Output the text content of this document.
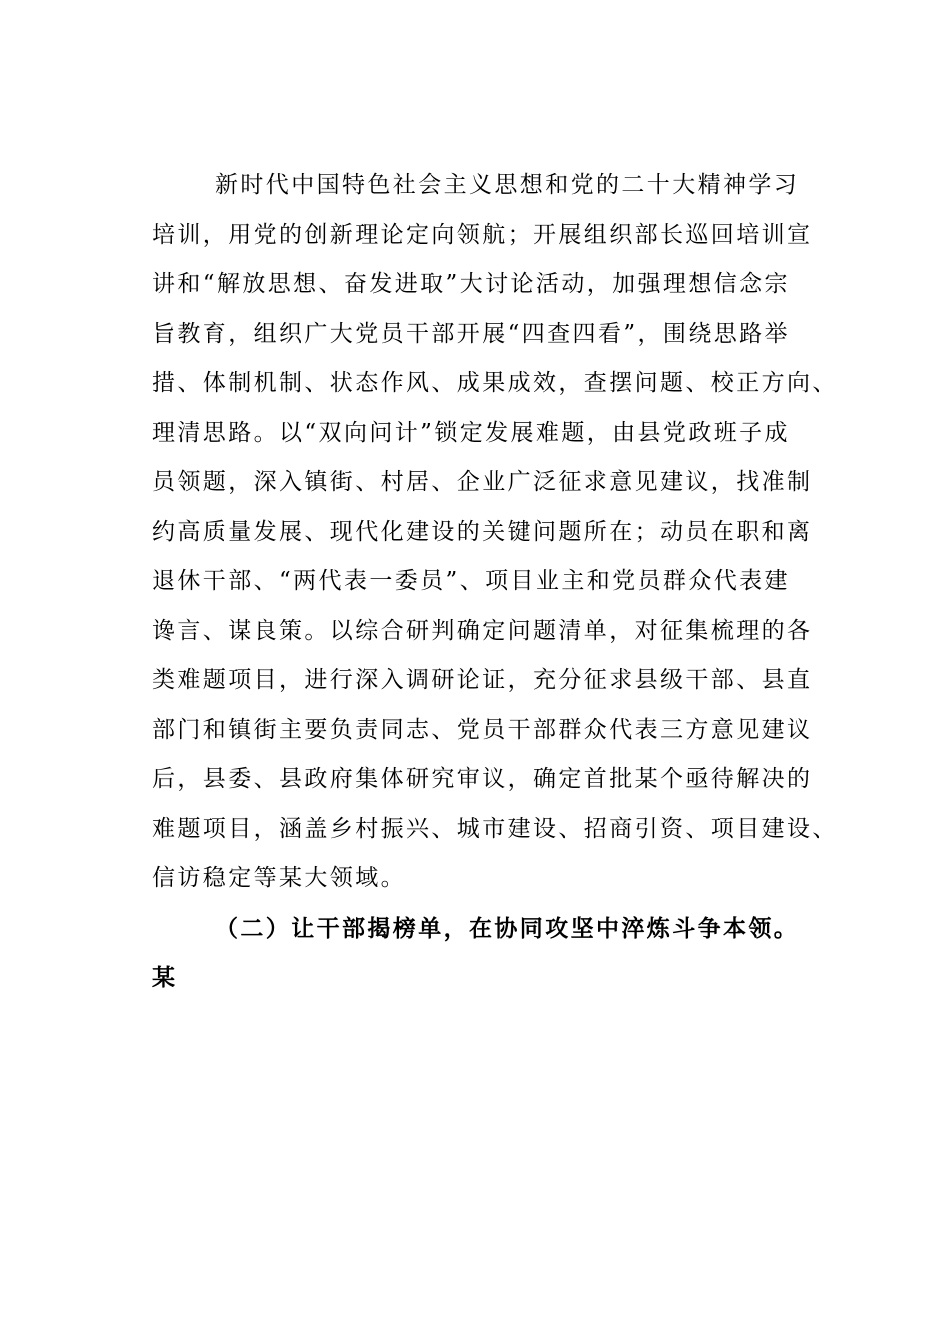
新时代中国特色社会主义思想和党的二十大精神学习
培训，用党的创新理论定向领航；开展组织部长巡回培训宣
讲和“解放思想、奋发进取”大讨论活动，加强理想信念宗
旨教育，组织广大党员干部开展“四查四看”，围绕思路举
措、体制机制、状态作风、成果成效，查摆问题、校正方向、
理清思路。以“双向问计”锁定发展难题，由县党政班子成
员领题，深入镇街、村居、企业广泛征求意见建议，找准制
约高质量发展、现代化建设的关键问题所在；动员在职和离
退休干部、“两代表一委员”、项目业主和党员群众代表建
谗言、谋良策。以综合研判确定问题清单，对征集梳理的各
类难题项目，进行深入调研论证，充分征求县级干部、县直
部门和镇街主要负责同志、党员干部群众代表三方意见建议
后，县委、县政府集体研究审议，确定首批某个亟待解决的
难题项目，涵盖乡村振兴、城市建设、招商引资、项目建设、
信访稳定等某大领域。
（二）让干部揭榜单，在协同攻坚中淬炼斗争本领。
某
